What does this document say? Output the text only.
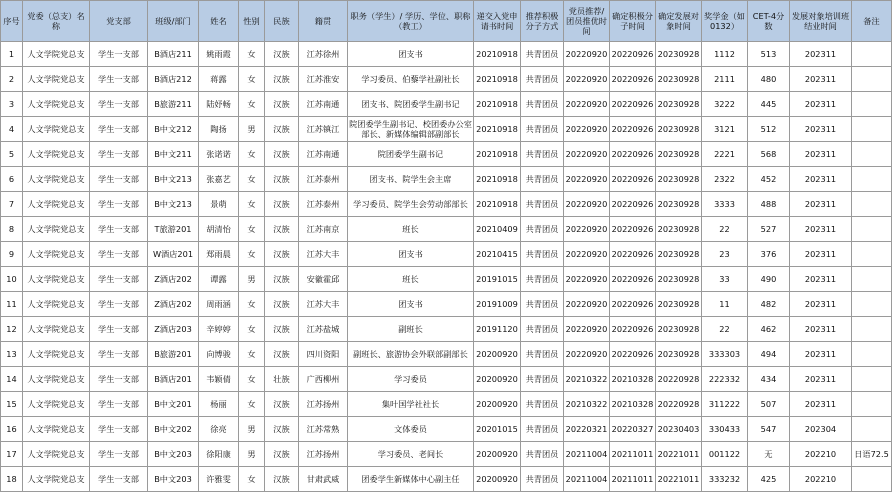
序号	党委（总支）名称	党支部	班级/部门	姓名	性别	民族	籍贯	职务（学生）/ 学历、学位、职称（教工）	递交入党申请书时间	推荐积极分子方式	党员推荐/团员推优时间	确定积极分子时间	确定发展对象时间	奖学金（如0132）	CET-4分数	发展对象培训班结业时间	备注
1	人文学院党总支	学生一支部	B酒店211	姚雨霞	女	汉族	江苏徐州	团支书	20210918	共青团员	20220920	20220926	20230928	1112	513	202311	
2	人文学院党总支	学生一支部	B酒店212	蒋露	女	汉族	江苏淮安	学习委员、伯藜学社副社长	20210918	共青团员	20220920	20220926	20230928	2111	480	202311	
3	人文学院党总支	学生一支部	B旅游211	陆妤畅	女	汉族	江苏南通	团支书、院团委学生副书记	20210918	共青团员	20220920	20220926	20230928	3222	445	202311	
4	人文学院党总支	学生一支部	B中文212	陶扬	男	汉族	江苏镇江	院团委学生副书记、校团委办公室部长、新媒体编辑部副部长	20210918	共青团员	20220920	20220926	20230928	3121	512	202311	
5	人文学院党总支	学生一支部	B中文211	张诺诺	女	汉族	江苏南通	院团委学生副书记	20210918	共青团员	20220920	20220926	20230928	2221	568	202311	
6	人文学院党总支	学生一支部	B中文213	张嘉艺	女	汉族	江苏泰州	团支书、院学生会主席	20210918	共青团员	20220920	20220926	20230928	2322	452	202311	
7	人文学院党总支	学生一支部	B中文213	景萌	女	汉族	江苏泰州	学习委员、院学生会劳动部部长	20210918	共青团员	20220920	20220926	20230928	3333	488	202311	
8	人文学院党总支	学生一支部	T旅游201	胡清怡	女	汉族	江苏南京	班长	20210409	共青团员	20220920	20220926	20230928	22	527	202311	
9	人文学院党总支	学生一支部	W酒店201	郑雨晨	女	汉族	江苏大丰	团支书	20210415	共青团员	20220920	20220926	20230928	23	376	202311	
10	人文学院党总支	学生一支部	Z酒店202	谭露	男	汉族	安徽霍邱	班长	20191015	共青团员	20220920	20220926	20230928	33	490	202311	
11	人文学院党总支	学生一支部	Z酒店202	周雨涵	女	汉族	江苏大丰	团支书	20191009	共青团员	20220920	20220926	20230928	11	482	202311	
12	人文学院党总支	学生一支部	Z酒店203	辛婷婷	女	汉族	江苏盐城	副班长	20191120	共青团员	20220920	20220926	20230928	22	462	202311	
13	人文学院党总支	学生一支部	B旅游201	向博骏	女	汉族	四川资阳	副班长、旅游协会外联部副部长	20200920	共青团员	20220920	20220926	20230928	333303	494	202311	
14	人文学院党总支	学生一支部	B酒店201	韦颖倩	女	壮族	广西柳州	学习委员	20200920	共青团员	20210322	20210328	20220928	222332	434	202311	
15	人文学院党总支	学生一支部	B中文201	杨丽	女	汉族	江苏扬州	集叶国学社社长	20200920	共青团员	20210322	20210328	20220928	311222	507	202311	
16	人文学院党总支	学生一支部	B中文202	徐亮	男	汉族	江苏常熟	文体委员	20201015	共青团员	20220321	20220327	20230403	330433	547	202304	
17	人文学院党总支	学生一支部	B中文203	徐阳康	男	汉族	江苏扬州	学习委员、老间长	20200920	共青团员	20211004	20211011	20221011	001122	无	202210	日语72.5
18	人文学院党总支	学生一支部	B中文203	许雅雯	女	汉族	甘肃武威	团委学生新媒体中心副主任	20200920	共青团员	20211004	20211011	20221011	333232	425	202210	
